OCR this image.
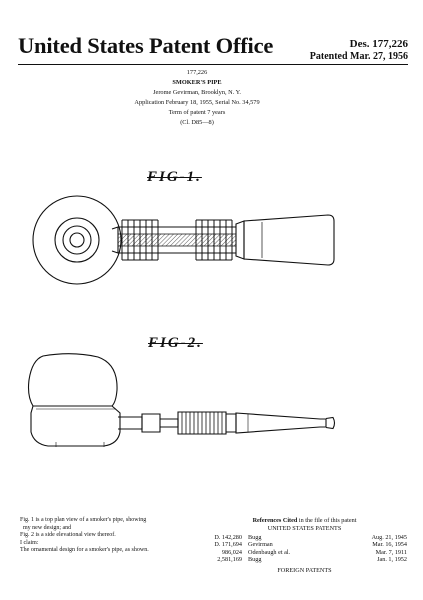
United States Patent Office	Des. 177,226
Patented Mar. 27, 1956
177,226
SMOKER'S PIPE
Jerome Gevirman, Brooklyn, N. Y.
Application February 18, 1955, Serial No. 34,579
Term of patent 7 years
(Cl. D85—8)
FIG-1.
FIG-2.
Fig. 1 is a top plan view of a smoker's pipe, showing
my new design; and
Fig. 2 is a side elevational view thereof.
I claim:
The ornamental design for a smoker's pipe, as shown.
References Cited in the file of this patent
UNITED STATES PATENTS
D. 142,280	Bugg	Aug. 21, 1945
D. 171,694	Gevirman	Mar. 16, 1954
986,024	Odenbaugh et al.	Mar. 7, 1911
2,581,169	Bugg	Jan. 1, 1952
FOREIGN PATENTS
